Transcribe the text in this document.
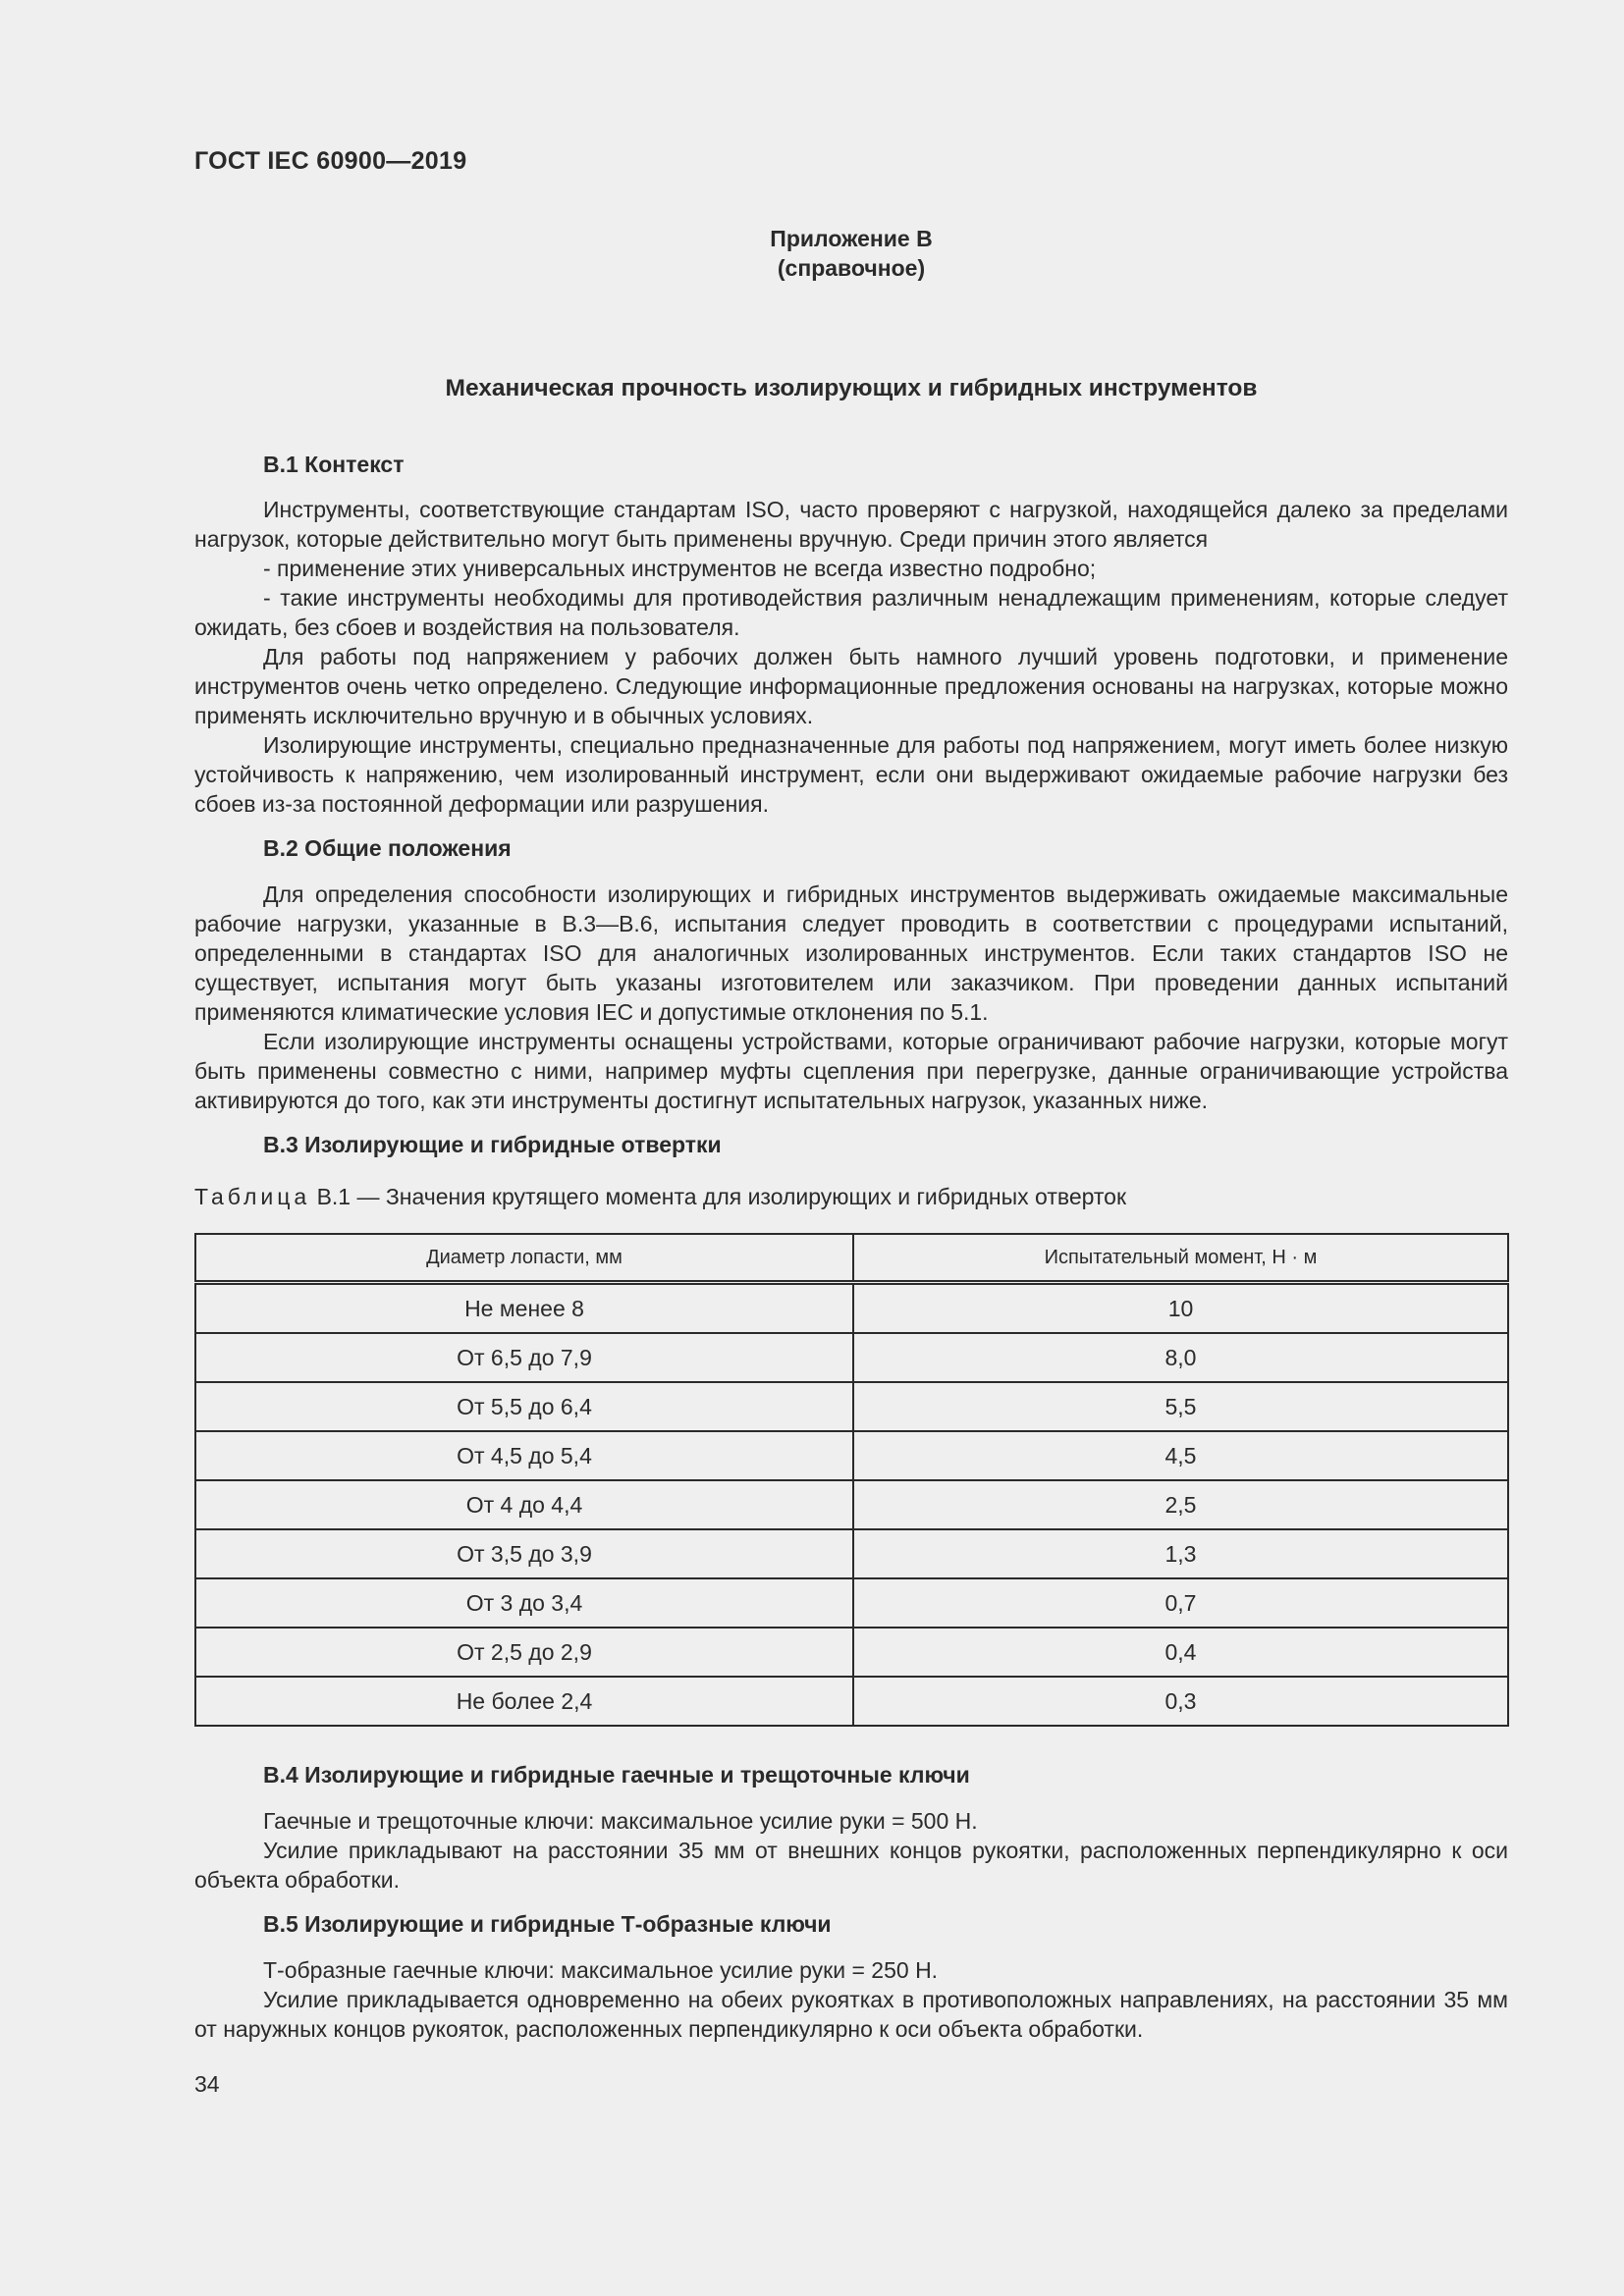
ГОСТ IEC 60900—2019
Приложение В
(справочное)
Механическая прочность изолирующих и гибридных инструментов
В.1 Контекст

Инструменты, соответствующие стандартам ISO, часто проверяют с нагрузкой, находящейся далеко за пределами нагрузок, которые действительно могут быть применены вручную. Среди причин этого является

- применение этих универсальных инструментов не всегда известно подробно;

- такие инструменты необходимы для противодействия различным ненадлежащим применениям, которые следует ожидать, без сбоев и воздействия на пользователя.

Для работы под напряжением у рабочих должен быть намного лучший уровень подготовки, и применение инструментов очень четко определено. Следующие информационные предложения основаны на нагрузках, которые можно применять исключительно вручную и в обычных условиях.

Изолирующие инструменты, специально предназначенные для работы под напряжением, могут иметь более низкую устойчивость к напряжению, чем изолированный инструмент, если они выдерживают ожидаемые рабочие нагрузки без сбоев из-за постоянной деформации или разрушения.

В.2 Общие положения

Для определения способности изолирующих и гибридных инструментов выдерживать ожидаемые максимальные рабочие нагрузки, указанные в В.3—В.6, испытания следует проводить в соответствии с процедурами испытаний, определенными в стандартах ISO для аналогичных изолированных инструментов. Если таких стандартов ISO не существует, испытания могут быть указаны изготовителем или заказчиком. При проведении данных испытаний применяются климатические условия IEC и допустимые отклонения по 5.1.

Если изолирующие инструменты оснащены устройствами, которые ограничивают рабочие нагрузки, которые могут быть применены совместно с ними, например муфты сцепления при перегрузке, данные ограничивающие устройства активируются до того, как эти инструменты достигнут испытательных нагрузок, указанных ниже.

В.3 Изолирующие и гибридные отвертки
Таблица В.1 — Значения крутящего момента для изолирующих и гибридных отверток
Диаметр лопасти, мм	Испытательный момент, Н · м
Не менее 8	10
От 6,5 до 7,9	8,0
От 5,5 до 6,4	5,5
От 4,5 до 5,4	4,5
От 4 до 4,4	2,5
От 3,5 до 3,9	1,3
От 3 до 3,4	0,7
От 2,5 до 2,9	0,4
Не более 2,4	0,3
В.4 Изолирующие и гибридные гаечные и трещоточные ключи

Гаечные и трещоточные ключи: максимальное усилие руки = 500 Н.

Усилие прикладывают на расстоянии 35 мм от внешних концов рукоятки, расположенных перпендикулярно к оси объекта обработки.

В.5 Изолирующие и гибридные Т-образные ключи

Т-образные гаечные ключи: максимальное усилие руки = 250 Н.

Усилие прикладывается одновременно на обеих рукоятках в противоположных направлениях, на расстоянии 35 мм от наружных концов рукояток, расположенных перпендикулярно к оси объекта обработки.

34
